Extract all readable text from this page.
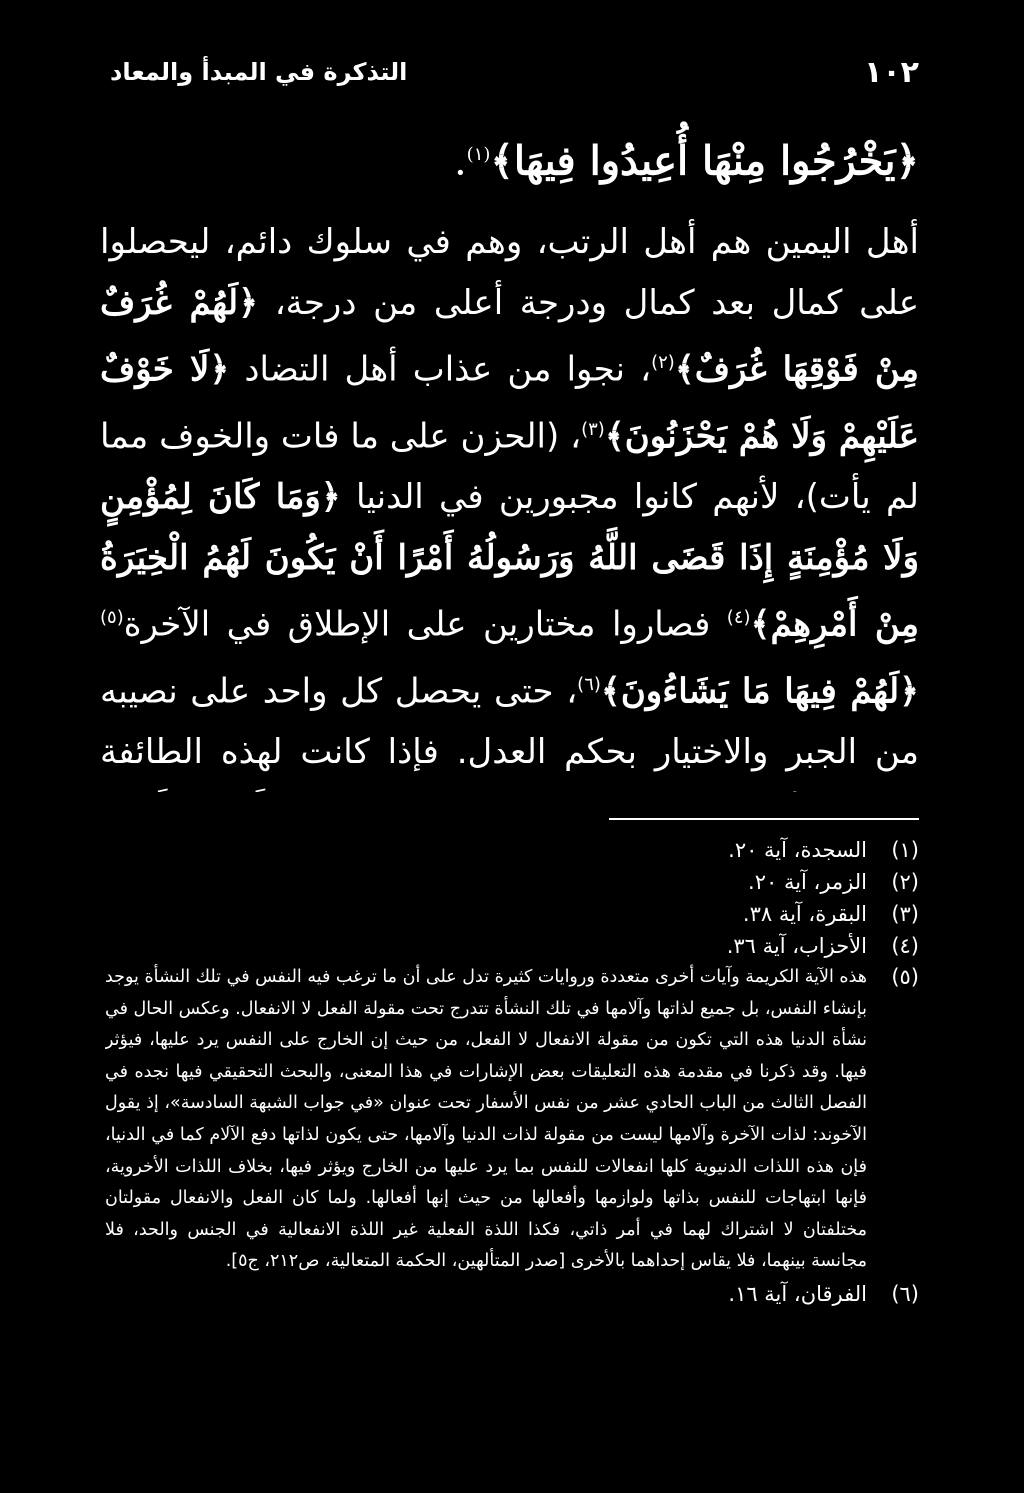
١٠٢
التذكرة في المبدأ والمعاد
﴿يَخْرُجُوا مِنْهَا أُعِيدُوا فِيهَا﴾$^{(١)}$.

أهل اليمين هم أهل الرتب، وهم في سلوك دائم، ليحصلوا على كمال بعد كمال ودرجة أعلى من درجة، ﴿لَهُمْ غُرَفٌ مِنْ فَوْقِهَا غُرَفٌ﴾$^{(٢)}$، نجوا من عذاب أهل التضاد ﴿لَا خَوْفٌ عَلَيْهِمْ وَلَا هُمْ يَحْزَنُونَ﴾$^{(٣)}$، (الحزن على ما فات والخوف مما لم يأت)، لأنهم كانوا مجبورين في الدنيا ﴿وَمَا كَانَ لِمُؤْمِنٍ وَلَا مُؤْمِنَةٍ إِذَا قَضَى اللَّهُ وَرَسُولُهُ أَمْرًا أَنْ يَكُونَ لَهُمُ الْخِيَرَةُ مِنْ أَمْرِهِمْ﴾$^{(٤)}$ فصاروا مختارين على الإطلاق في الآخرة$^{(٥)}$ ﴿لَهُمْ فِيهَا مَا يَشَاءُونَ﴾$^{(٦)}$، حتى يحصل كل واحد على نصيبه من الجبر والاختيار بحكم العدل. فإذا كانت لهذه الطائفة

(١)
السجدة، آية ٢٠.
(٢)
الزمر، آية ٢٠.
(٣)
البقرة، آية ٣٨.
(٤)
الأحزاب، آية ٣٦.
(٥)
هذه الآية الكريمة وآيات أخرى متعددة وروايات كثيرة تدل على أن ما ترغب فيه النفس في تلك النشأة يوجد بإنشاء النفس، بل جميع لذاتها وآلامها في تلك النشأة تتدرج تحت مقولة الفعل لا الانفعال. وعكس الحال في نشأة الدنيا هذه التي تكون من مقولة الانفعال لا الفعل، من حيث إن الخارج على النفس يرد عليها، فيؤثر فيها. وقد ذكرنا في مقدمة هذه التعليقات بعض الإشارات في هذا المعنى، والبحث التحقيقي فيها نجده في الفصل الثالث من الباب الحادي عشر من نفس الأسفار تحت عنوان «في جواب الشبهة السادسة»، إذ يقول الآخوند: لذات الآخرة وآلامها ليست من مقولة لذات الدنيا وآلامها، حتى يكون لذاتها دفع الآلام كما في الدنيا، فإن هذه اللذات الدنيوية كلها انفعالات للنفس بما يرد عليها من الخارج ويؤثر فيها، بخلاف اللذات الأخروية، فإنها ابتهاجات للنفس بذاتها ولوازمها وأفعالها من حيث إنها أفعالها. ولما كان الفعل والانفعال مقولتان مختلفتان لا اشتراك لهما في أمر ذاتي، فكذا اللذة الفعلية غير اللذة الانفعالية في الجنس والحد، فلا مجانسة بينهما، فلا يقاس إحداهما بالأخرى [صدر المتألهين، الحكمة المتعالية، ص٢١٢، ج٥].
(٦)
الفرقان، آية ١٦.
